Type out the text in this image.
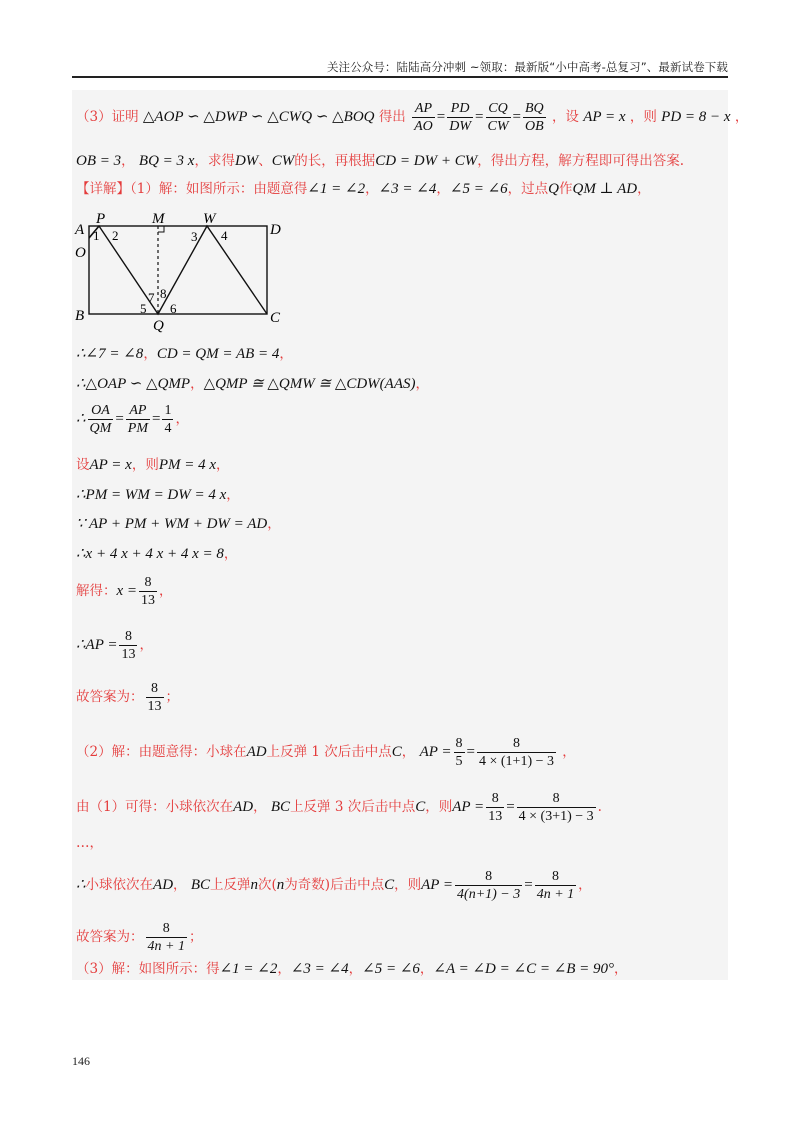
关注公众号：陆陆高分冲刺 ~领取：最新版“小中高考-总复习”、最新试卷下载
（3）证明 △AOP ∽ △DWP ∽ △CWQ ∽ △BOQ 得出 $\frac{AP}{AO} = \frac{PD}{DW} = \frac{CQ}{CW} = \frac{BQ}{OB}$ ，设 AP = x ，则 PD = 8 − x ，
OB = 3， BQ = 3 x，求得DW、CW的长，再根据CD = DW + CW，得出方程，解方程即可得出答案.
【详解】（1）解：如图所示：由题意得∠1 = ∠2，∠3 = ∠4，∠5 = ∠6，过点Q作QM ⊥ AD，
P	M	W
A	D
O
B	C
Q
1 2	3 4
5 6
7 8
∴∠7 = ∠8，CD = QM = AB = 4，
∴△OAP ∽ △QMP，△QMP ≅ △QMW ≅ △CDW(AAS)，
∴ $\frac{OA}{QM} = \frac{AP}{PM} = \frac{1}{4}$ ，
设AP = x，则PM = 4 x，
∴PM = WM = DW = 4 x，
∵ AP + PM + WM + DW = AD，
∴x + 4 x + 4 x + 4 x = 8，
解得：$x = \frac{8}{13}$ ，
∴AP = $\frac{8}{13}$ ，
故答案为： $\frac{8}{13}$ ；
（2）解：由题意得：小球在AD上反弹 1 次后击中点C， AP = $\frac{8}{5} = \frac{8}{4 \times (1+1) - 3}$ ，
由（1）可得：小球依次在AD， BC上反弹 3 次后击中点C，则AP = $\frac{8}{13} = \frac{8}{4 \times (3+1) - 3}$ .
…，
∴小球依次在AD， BC上反弹n次(n为奇数)后击中点C，则AP = $\frac{8}{4(n+1) - 3} = \frac{8}{4n + 1}$ ，
故答案为： $\frac{8}{4n + 1}$ ；
（3）解：如图所示：得∠1 = ∠2，∠3 = ∠4，∠5 = ∠6，∠A = ∠D = ∠C = ∠B = 90°，
146
